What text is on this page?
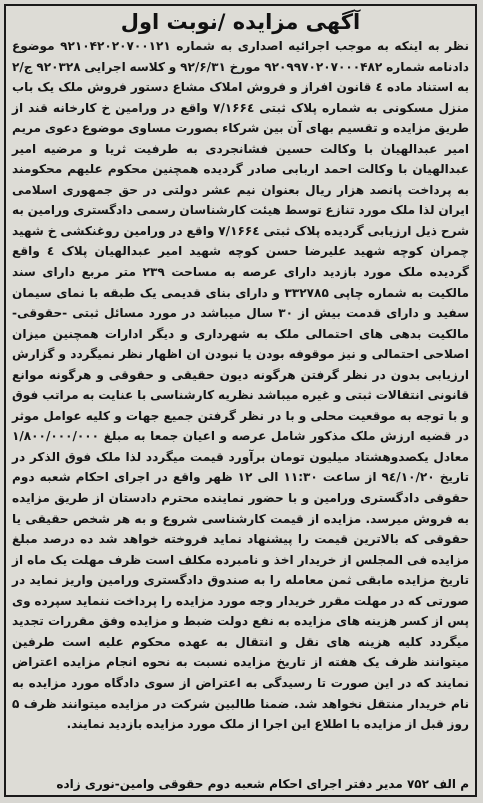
آگهی مزایده /نوبت اول
نظر به اینکه به موجب اجرائیه اصداری به شماره ۹۲۱۰۴۲۰۲۰۷۰۰۱۲۱ موضوع دادنامه شماره ۹۲۰۹۹۷۰۲۰۷۰۰۰۴۸۲ مورخ ۹۲/۶/۳۱ و کلاسه اجرایی ۹۲۰۳۲۸ ج/۲ به استناد ماده ٤ قانون افراز و فروش املاک مشاع دستور فروش ملک یک باب منزل مسکونی به شماره پلاک ثبتی ۷/۱۶۶٤ واقع در ورامین خ کارخانه قند از طریق مزایده و تقسیم بهای آن بین شرکاء بصورت مساوی موضوع دعوی مریم امیر عبدالهیان با وکالت حسین فشانجردی به طرفیت ثریا و مرضیه امیر عبدالهیان با وکالت احمد اربابی صادر گردیده همچنین محکوم علیهم محکومند به پرداخت پانصد هزار ریال بعنوان نیم عشر دولتی در حق جمهوری اسلامی ایران لذا ملک مورد تنازع توسط هیئت کارشناسان رسمی دادگستری ورامین به شرح ذیل ارزیابی گردیده پلاک ثبتی ۷/۱۶۶٤ واقع در ورامین روغنکشی خ شهید چمران کوچه شهید علیرضا حسن کوچه شهید امیر عبدالهیان پلاک ٤ واقع گردیده ملک مورد بازدید دارای عرصه به مساحت ۲۳۹ متر مربع دارای سند مالکیت به شماره چاپی ۳۳۲۷۸۵ و دارای بنای قدیمی یک طبقه با نمای سیمان سفید و دارای قدمت بیش از ۳۰ سال میباشد در مورد مسائل ثبتی -حقوقی-مالکیت بدهی های احتمالی ملک به شهرداری و دیگر ادارات همچنین میزان اصلاحی احتمالی و نیز موقوفه بودن یا نبودن ان اظهار نظر نمیگردد و گزارش ارزیابی بدون در نظر گرفتن هرگونه دیون حقیقی و حقوقی و هرگونه موانع قانونی انتقالات ثبتی و غیره میباشد نظریه کارشناسی با عنایت به مراتب فوق و با توجه به موقعیت محلی و با در نظر گرفتن جمیع جهات و کلیه عوامل موثر در قضیه ارزش ملک مذکور شامل عرصه و اعیان جمعا به مبلغ ۱/۸۰۰/۰۰۰/۰۰۰ معادل یکصدوهشتاد میلیون تومان برآورد قیمت میگردد لذا ملک فوق الذکر در تاریخ ۹٤/۱۰/۲۰ از ساعت ۱۱:۳۰ الی ۱۲ ظهر واقع در اجرای احکام شعبه دوم حقوقی دادگستری ورامین و با حضور نماینده محترم دادستان از طریق مزایده به فروش میرسد. مزایده از قیمت کارشناسی شروع و به هر شخص حقیقی یا حقوقی که بالاترین قیمت را پیشنهاد نماید فروخته خواهد شد ده درصد مبلغ مزایده فی المجلس از خریدار اخذ و نامبرده مکلف است ظرف مهلت یک ماه از تاریخ مزایده مابقی ثمن معامله را به صندوق دادگستری ورامین واریز نماید در صورتی که در مهلت مقرر خریدار وجه مورد مزایده را پرداخت ننماید سپرده وی پس از کسر هزینه های مزایده به نفع دولت ضبط و مزایده وفق مقررات تجدید میگردد کلیه هزینه های نقل و انتقال به عهده محکوم علیه است طرفین میتوانند ظرف یک هفته از تاریخ مزایده نسبت به نحوه انجام مزایده اعتراض نمایند که در این صورت تا رسیدگی به اعتراض از سوی دادگاه مورد مزایده به نام خریدار منتقل نخواهد شد. ضمنا طالبین شرکت در مزایده میتوانند ظرف ۵ روز قبل از مزایده با اطلاع این اجرا از ملک مورد مزایده بازدید نمایند.
م الف ۷۵۲ مدیر دفتر اجرای احکام شعبه دوم حقوقی وامین-نوری زاده
